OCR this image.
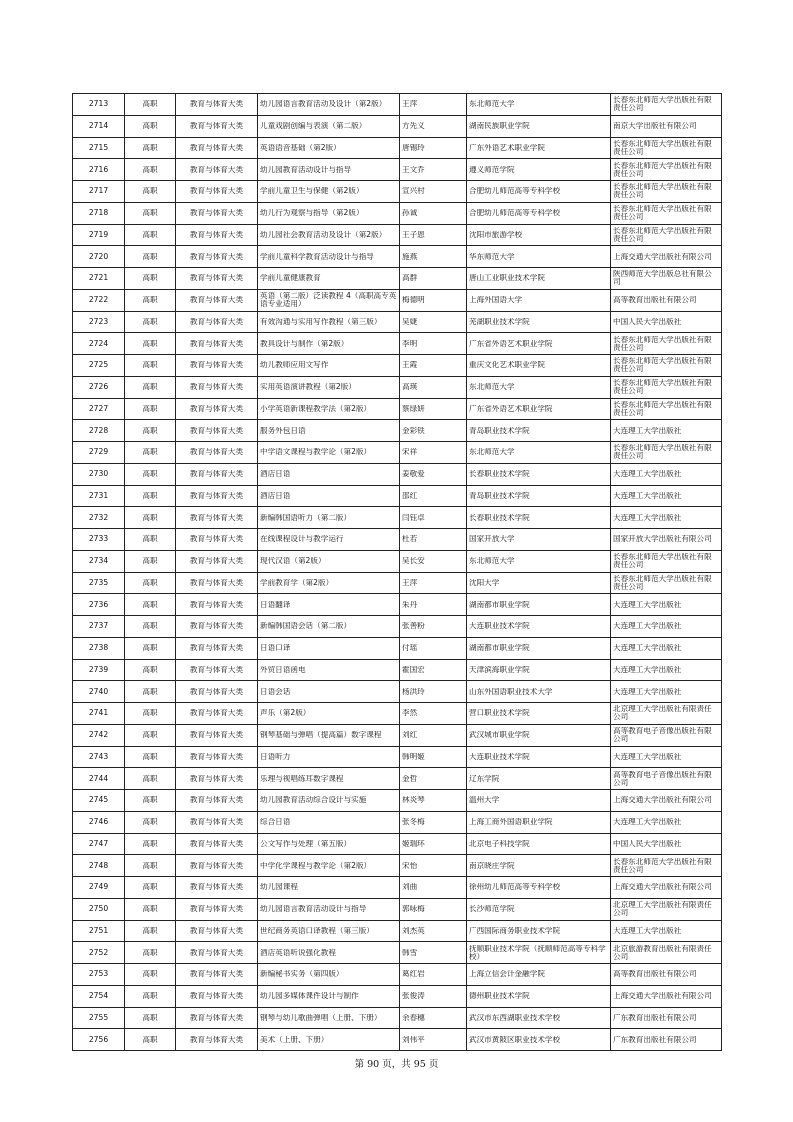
2713	高职	教育与体育大类	幼儿园语言教育活动及设计（第2版）	王萍	东北师范大学	长春东北师范大学出版社有限责任公司

2714	高职	教育与体育大类	儿童戏剧创编与表演（第二版）	方先义	湖南民族职业学院	南京大学出版社有限公司

2715	高职	教育与体育大类	英语语音基础（第2版）	唐锡玲	广东外语艺术职业学院	长春东北师范大学出版社有限责任公司

2716	高职	教育与体育大类	幼儿园教育活动设计与指导	王文乔	遵义师范学院	长春东北师范大学出版社有限责任公司

2717	高职	教育与体育大类	学前儿童卫生与保健（第2版）	宣兴村	合肥幼儿师范高等专科学校	长春东北师范大学出版社有限责任公司

2718	高职	教育与体育大类	幼儿行为观察与指导（第2版）	孙诚	合肥幼儿师范高等专科学校	长春东北师范大学出版社有限责任公司

2719	高职	教育与体育大类	幼儿园社会教育活动及设计（第2版）	王子恩	沈阳市旅游学校	长春东北师范大学出版社有限责任公司

2720	高职	教育与体育大类	学前儿童科学教育活动设计与指导	施燕	华东师范大学	上海交通大学出版社有限公司

2721	高职	教育与体育大类	学前儿童健康教育	高群	唐山工业职业技术学院	陕西师范大学出版总社有限公司

2722	高职	教育与体育大类	英语（第二版）泛读教程 4（高职高专英语专业适用）	梅德明	上海外国语大学	高等教育出版社有限公司

2723	高职	教育与体育大类	有效沟通与实用写作教程（第三版）	吴婕	芜湖职业技术学院	中国人民大学出版社

2724	高职	教育与体育大类	教具设计与制作（第2版）	李明	广东省外语艺术职业学院	长春东北师范大学出版社有限责任公司

2725	高职	教育与体育大类	幼儿教师应用文写作	王霞	重庆文化艺术职业学院	长春东北师范大学出版社有限责任公司

2726	高职	教育与体育大类	实用英语演讲教程（第2版）	高瑛	东北师范大学	长春东北师范大学出版社有限责任公司

2727	高职	教育与体育大类	小学英语新课程教学法（第2版）	蔡绿妍	广东省外语艺术职业学院	长春东北师范大学出版社有限责任公司

2728	高职	教育与体育大类	服务外包日语	金彩铁	青岛职业技术学院	大连理工大学出版社

2729	高职	教育与体育大类	中学语文课程与教学论（第2版）	宋祥	东北师范大学	长春东北师范大学出版社有限责任公司

2730	高职	教育与体育大类	酒店日语	姜敬爱	长春职业技术学院	大连理工大学出版社

2731	高职	教育与体育大类	酒店日语	邵红	青岛职业技术学院	大连理工大学出版社

2732	高职	教育与体育大类	新编韩国语听力（第二版）	闫钰卓	长春职业技术学院	大连理工大学出版社

2733	高职	教育与体育大类	在线课程设计与教学运行	杜若	国家开放大学	国家开放大学出版社有限公司

2734	高职	教育与体育大类	现代汉语（第2版）	吴长安	东北师范大学	长春东北师范大学出版社有限责任公司

2735	高职	教育与体育大类	学前教育学（第2版）	王萍	沈阳大学	长春东北师范大学出版社有限责任公司

2736	高职	教育与体育大类	日语翻译	朱丹	湖南都市职业学院	大连理工大学出版社

2737	高职	教育与体育大类	新编韩国语会话（第二版）	张善粉	大连职业技术学院	大连理工大学出版社

2738	高职	教育与体育大类	日语口译	付瑶	湖南都市职业学院	大连理工大学出版社

2739	高职	教育与体育大类	外贸日语函电	霍国宏	天津滨海职业学院	大连理工大学出版社

2740	高职	教育与体育大类	日语会话	杨洪玲	山东外国语职业技术大学	大连理工大学出版社

2741	高职	教育与体育大类	声乐（第2版）	李然	营口职业技术学院	北京理工大学出版社有限责任公司

2742	高职	教育与体育大类	钢琴基础与弹唱（提高篇）数字课程	刘红	武汉城市职业学院	高等教育电子音像出版社有限公司

2743	高职	教育与体育大类	日语听力	韩明姬	大连职业技术学院	大连理工大学出版社

2744	高职	教育与体育大类	乐理与视唱练耳数字课程	金哲	辽东学院	高等教育电子音像出版社有限公司

2745	高职	教育与体育大类	幼儿园教育活动综合设计与实施	林炎琴	温州大学	上海交通大学出版社有限公司

2746	高职	教育与体育大类	综合日语	张冬梅	上海工商外国语职业学院	大连理工大学出版社

2747	高职	教育与体育大类	公文写作与处理（第五版）	姬瑞环	北京电子科技学院	中国人民大学出版社

2748	高职	教育与体育大类	中学化学课程与教学论（第2版）	宋怡	南京晓庄学院	长春东北师范大学出版社有限责任公司

2749	高职	教育与体育大类	幼儿园课程	刘曲	徐州幼儿师范高等专科学校	上海交通大学出版社有限公司

2750	高职	教育与体育大类	幼儿园语言教育活动设计与指导	郭咏梅	长沙师范学院	北京理工大学出版社有限责任公司

2751	高职	教育与体育大类	世纪商务英语口译教程（第三版）	刘杰英	广西国际商务职业技术学院	大连理工大学出版社

2752	高职	教育与体育大类	酒店英语听说强化教程	韩雪	抚顺职业技术学院（抚顺师范高等专科学校）	北京旅游教育出版社有限责任公司

2753	高职	教育与体育大类	新编秘书实务（第四版）	葛红岩	上海立信会计金融学院	高等教育出版社有限公司

2754	高职	教育与体育大类	幼儿园多媒体课件设计与制作	张俊涛	德州职业技术学院	上海交通大学出版社有限公司

2755	高职	教育与体育大类	钢琴与幼儿歌曲弹唱（上册、下册）	余春穗	武汉市东西湖职业技术学校	广东教育出版社有限公司

2756	高职	教育与体育大类	美术（上册、下册）	刘伟平	武汉市黄陂区职业技术学校	广东教育出版社有限公司
第 90 页，共 95 页
